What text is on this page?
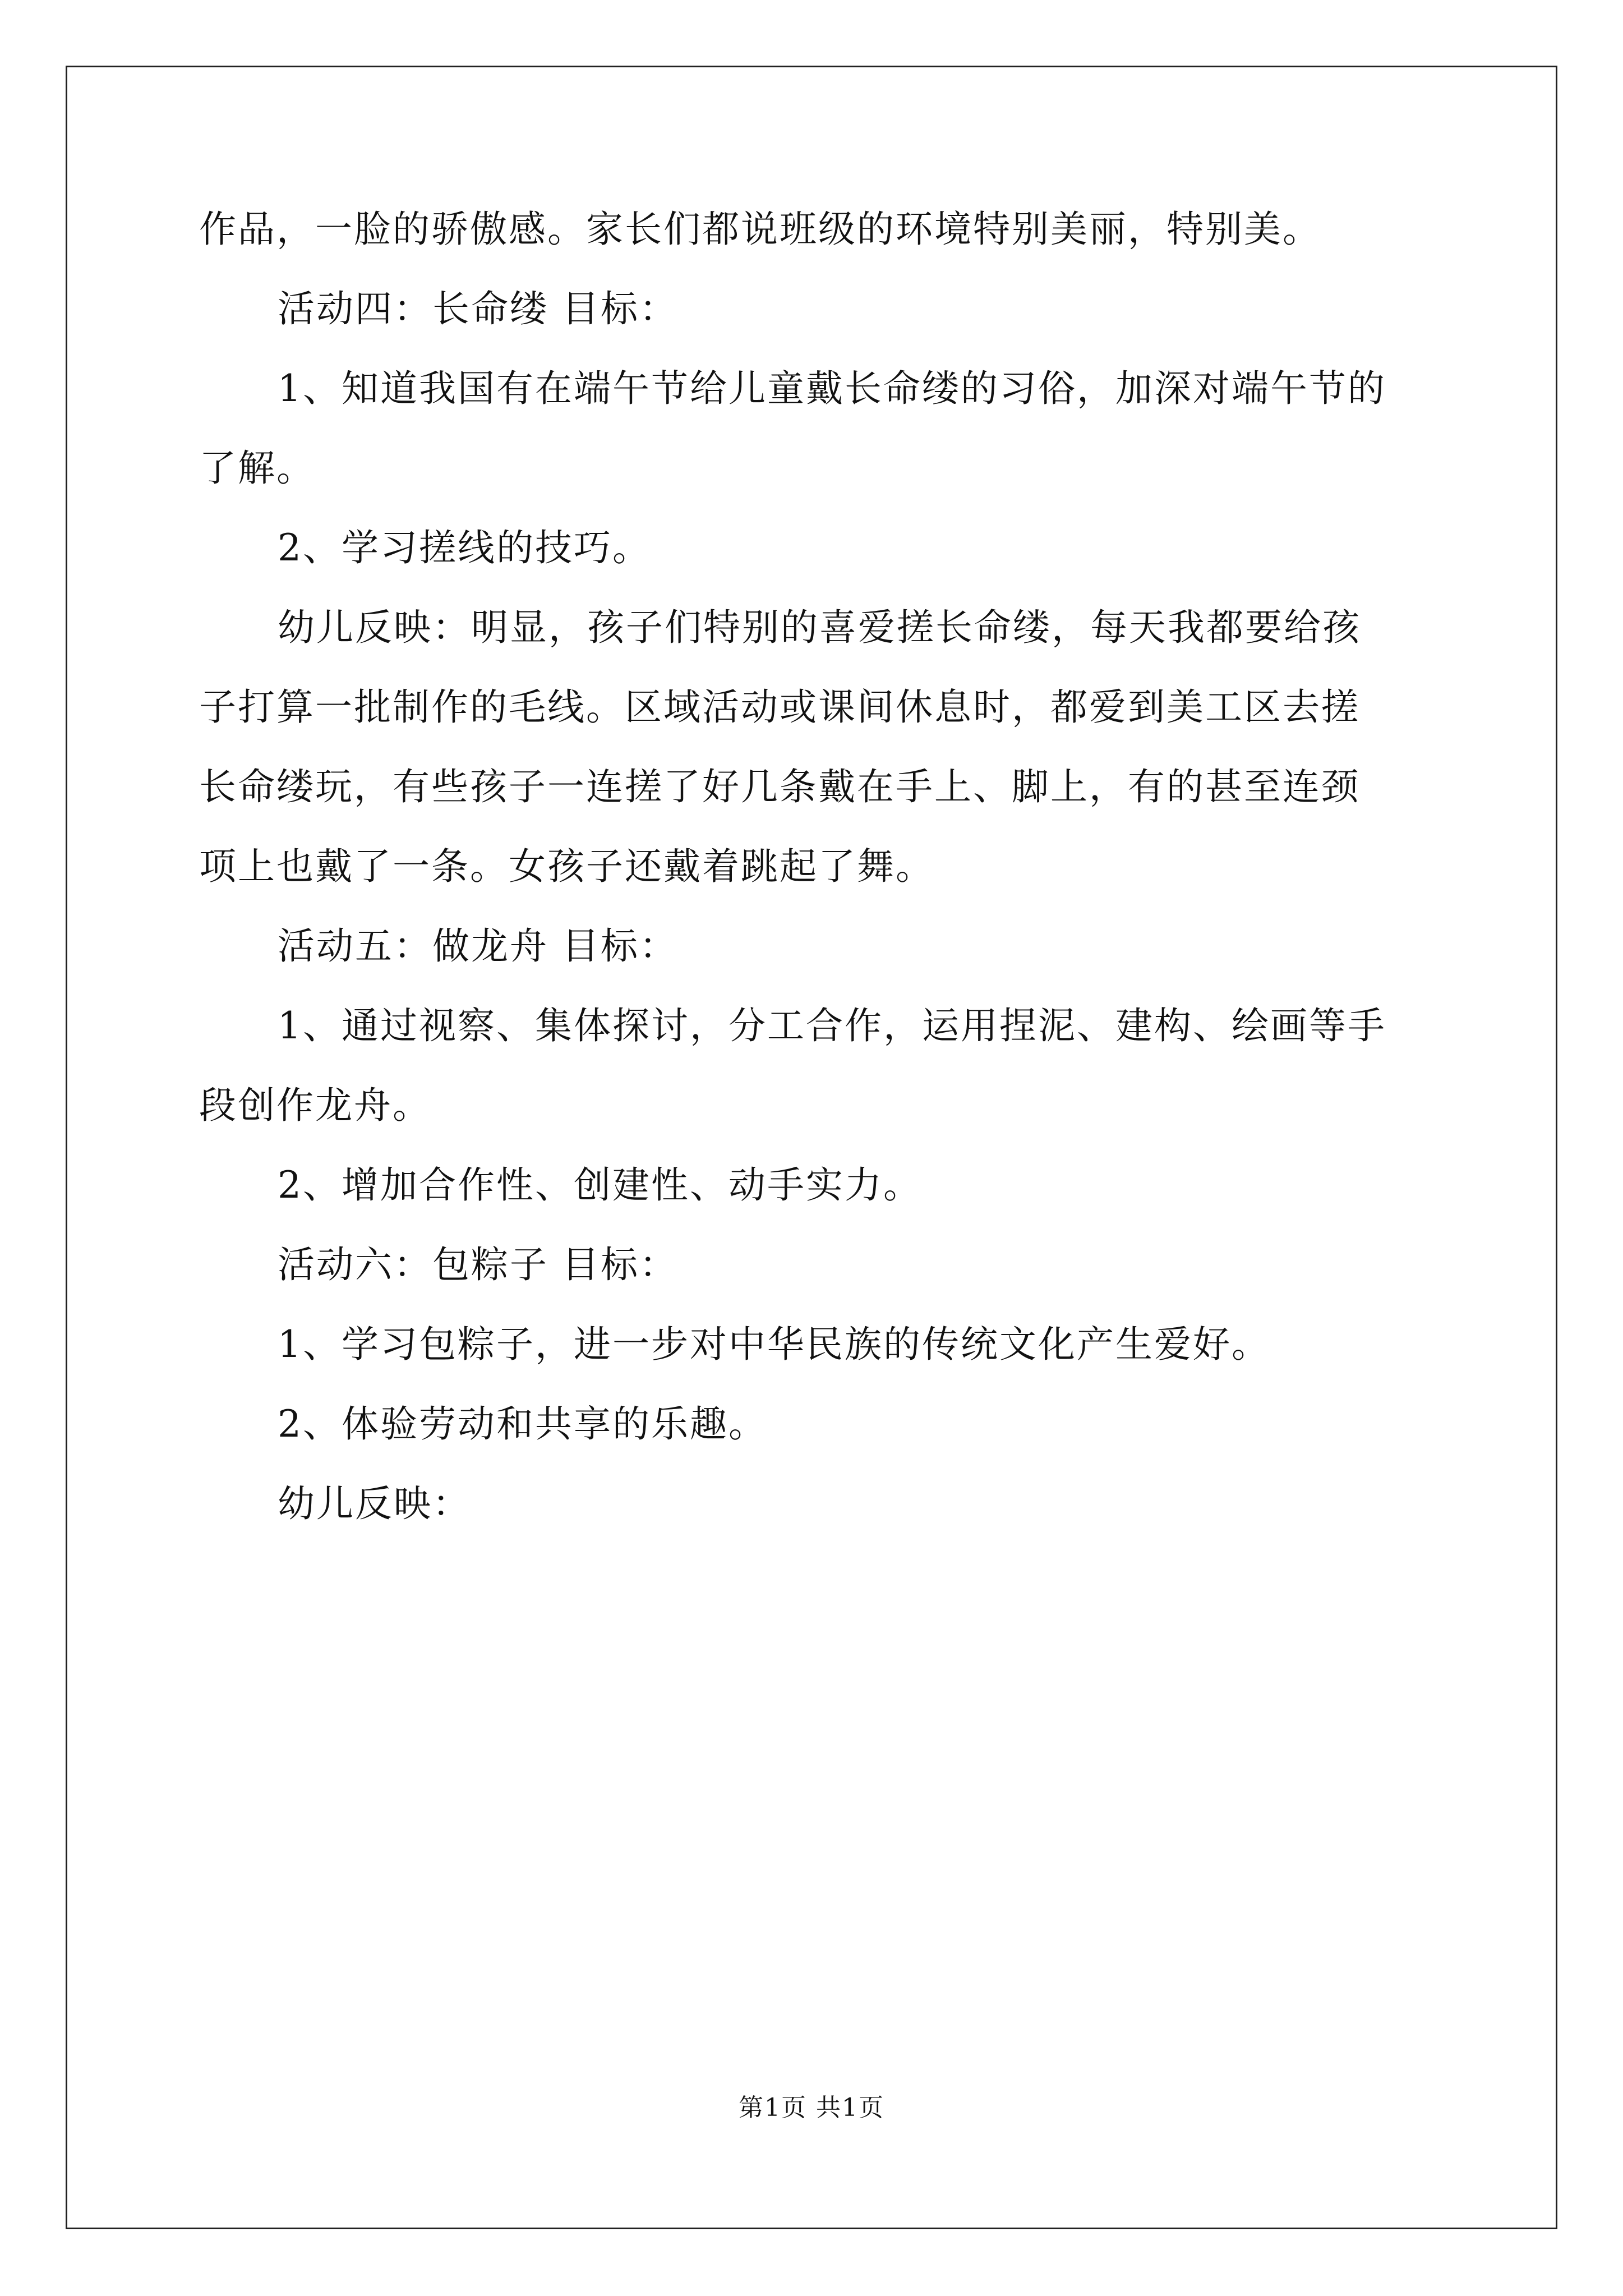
作品，一脸的骄傲感。家长们都说班级的环境特别美丽，特别美。
活动四：长命缕 目标：
1、知道我国有在端午节给儿童戴长命缕的习俗，加深对端午节的
了解。
2、学习搓线的技巧。
幼儿反映：明显，孩子们特别的喜爱搓长命缕，每天我都要给孩
子打算一批制作的毛线。区域活动或课间休息时，都爱到美工区去搓
长命缕玩，有些孩子一连搓了好几条戴在手上、脚上，有的甚至连颈
项上也戴了一条。女孩子还戴着跳起了舞。
活动五：做龙舟 目标：
1、通过视察、集体探讨，分工合作，运用捏泥、建构、绘画等手
段创作龙舟。
2、增加合作性、创建性、动手实力。
活动六：包粽子 目标：
1、学习包粽子，进一步对中华民族的传统文化产生爱好。
2、体验劳动和共享的乐趣。
幼儿反映：
第1页 共1页
